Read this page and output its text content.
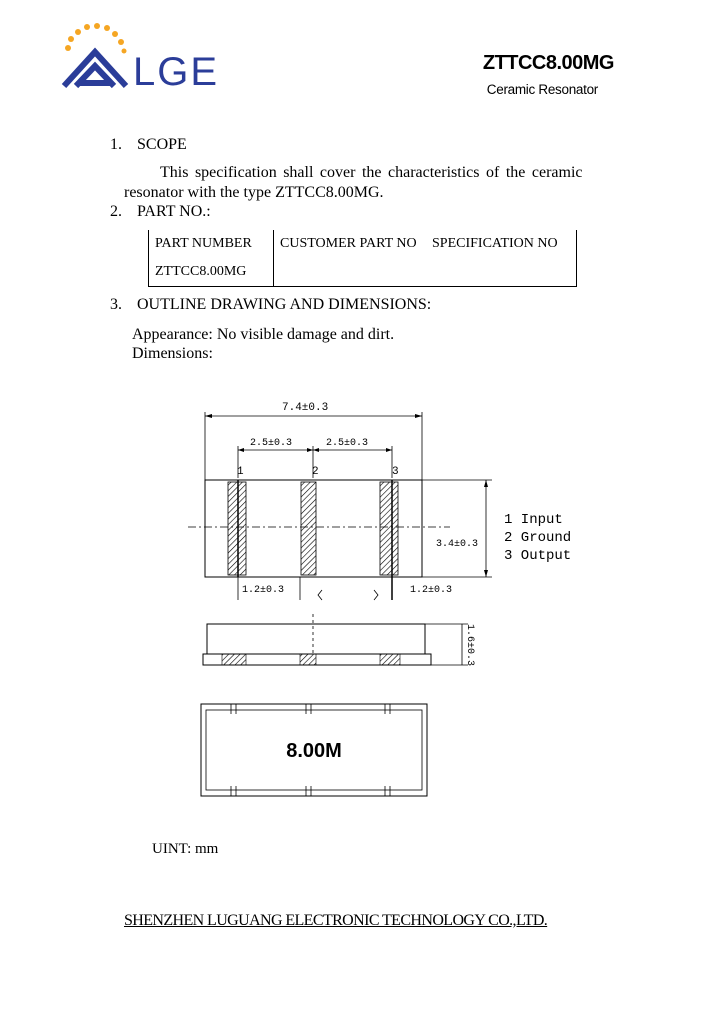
LGE	ZTTCC8.00MG
Ceramic Resonator
1. SCOPE
This specification shall cover the characteristics of the ceramic
resonator with the type ZTTCC8.00MG.
2. PART NO.:
PART NUMBER	CUSTOMER PART NO	SPECIFICATION NO
ZTTCC8.00MG		
3. OUTLINE DRAWING AND DIMENSIONS:
Appearance: No visible damage and dirt.
Dimensions:
7.4±0.3
2.5±0.3	2.5±0.3
1	2	3
3.4±0.3
1 Input
2 Ground
3 Output
1.2±0.3	1.2±0.3
1.6±0.3
8.00M
UINT: mm
SHENZHEN LUGUANG ELECTRONIC TECHNOLOGY CO.,LTD.
